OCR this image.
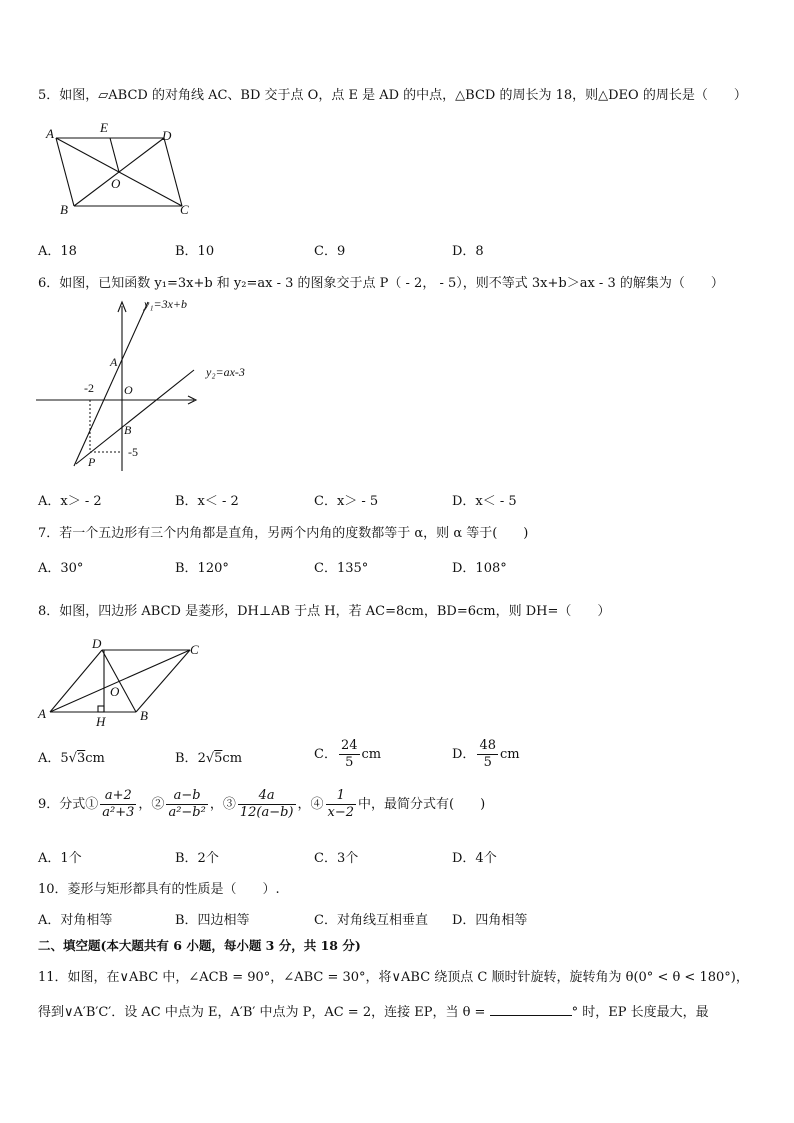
5．如图，▱ABCD 的对角线 AC、BD 交于点 O，点 E 是 AD 的中点，△BCD 的周长为 18，则△DEO 的周长是（　　）
A	E
D
O
B	C
A．18	B．10	C．9	D．8
6．如图，已知函数 y₁=3x+b 和 y₂=ax - 3 的图象交于点 P（ - 2， - 5），则不等式 3x+b＞ax - 3 的解集为（　　）
y₁=3x+b
y₂=ax-3
A
O
B
P
-2
-5
A．x＞ - 2	B．x＜ - 2	C．x＞ - 5	D．x＜ - 5
7．若一个五边形有三个内角都是直角，另两个内角的度数都等于 α，则 α 等于(　　)
A．30°	B．120°	C．135°	D．108°
8．如图，四边形 ABCD 是菱形，DH⊥AB 于点 H，若 AC=8cm，BD=6cm，则 DH=（　　）
D	C
O
A
H	B
A．5√3cm	B．2√5cm	C． $\frac{24}{5}$ cm	D． $\frac{48}{5}$ cm
9．分式① $\frac{a+2}{\text{a²+3}}$ ，② $\frac{a-b}{\text{a²−b²}}$ ，③ $\frac{4a}{12(a-b)}$ ，④ $\frac{1}{x-2}$ 中，最简分式有(　　)
A．1个	B．2个	C．3个	D．4个
10．菱形与矩形都具有的性质是（　　）.
A．对角相等	B．四边相等	C．对角线互相垂直 D．四角相等
二、填空题(本大题共有 6 小题，每小题 3 分，共 18 分)
11．如图，在∨ABC 中，∠ACB = 90°，∠ABC = 30°，将∨ABC 绕顶点 C 顺时针旋转，旋转角为 θ(0° < θ < 180°)，
得到∨A′B′C′．设 AC 中点为 E，A′B′ 中点为 P，AC = 2，连接 EP，当 θ =	° 时，EP 长度最大，最
